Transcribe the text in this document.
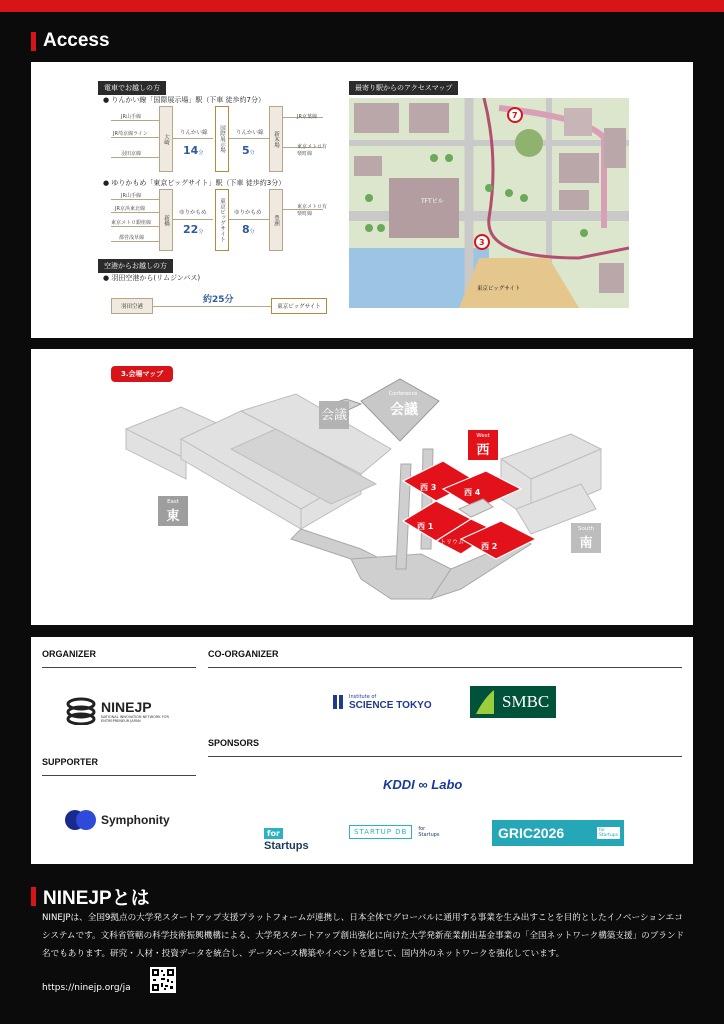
Access
電車でお越しの方
● りんかい線「国際展示場」駅（下車 徒歩約7分）
JR山手線
JR埼京線ライン
羽田京線
大崎
りんかい線
14分
国際展示場	りんかい線
5分
新木場
JR京葉線
東京メトロ有楽町線
● ゆりかもめ「東京ビッグサイト」駅（下車 徒歩約3分）
JR山手線
JR京浜東北線
東京メトロ銀座線
都営浅草線
新橋
ゆりかもめ
22分	東京ビッグサイト	ゆりかもめ
8分
豊洲
東京メトロ有楽町線
空港からお越しの方
● 羽田空港から(リムジンバス)
羽田空港
約25分
東京ビッグサイト
最寄り駅からのアクセスマップ
TFTビル
東京ビッグサイト
7
3
3.会場マップ
Conference
会議
会議
West
西
East
東
South
南
西 3
西 4
西 1
アトリウム 西 2
ORGANIZER	CO-ORGANIZER
SUPPORTER
SPONSORS
NINEJP
NATIONAL INNOVATION NETWORK FOR ENTREPRENEUR JAPAN
Symphonity
Institute of
SCIENCE TOKYO	SMBC
KDDI ∞ Labo
for
Startups
STARTUP DB	for
Startups	GRIC2026	for
Startups
NINEJPとは
NINEJPは、全国9拠点の大学発スタートアップ支援プラットフォームが連携し、日本全体でグローバルに通用する事業を生み出すことを目的としたイノベーションエコシステムです。文科省管轄の科学技術振興機構による、大学発スタートアップ創出強化に向けた大学発新産業創出基金事業の「全国ネットワーク構築支援」のブランド名でもあります。研究・人材・投資データを統合し、データベース構築やイベントを通じて、国内外のネットワークを強化しています。
https://ninejp.org/ja
